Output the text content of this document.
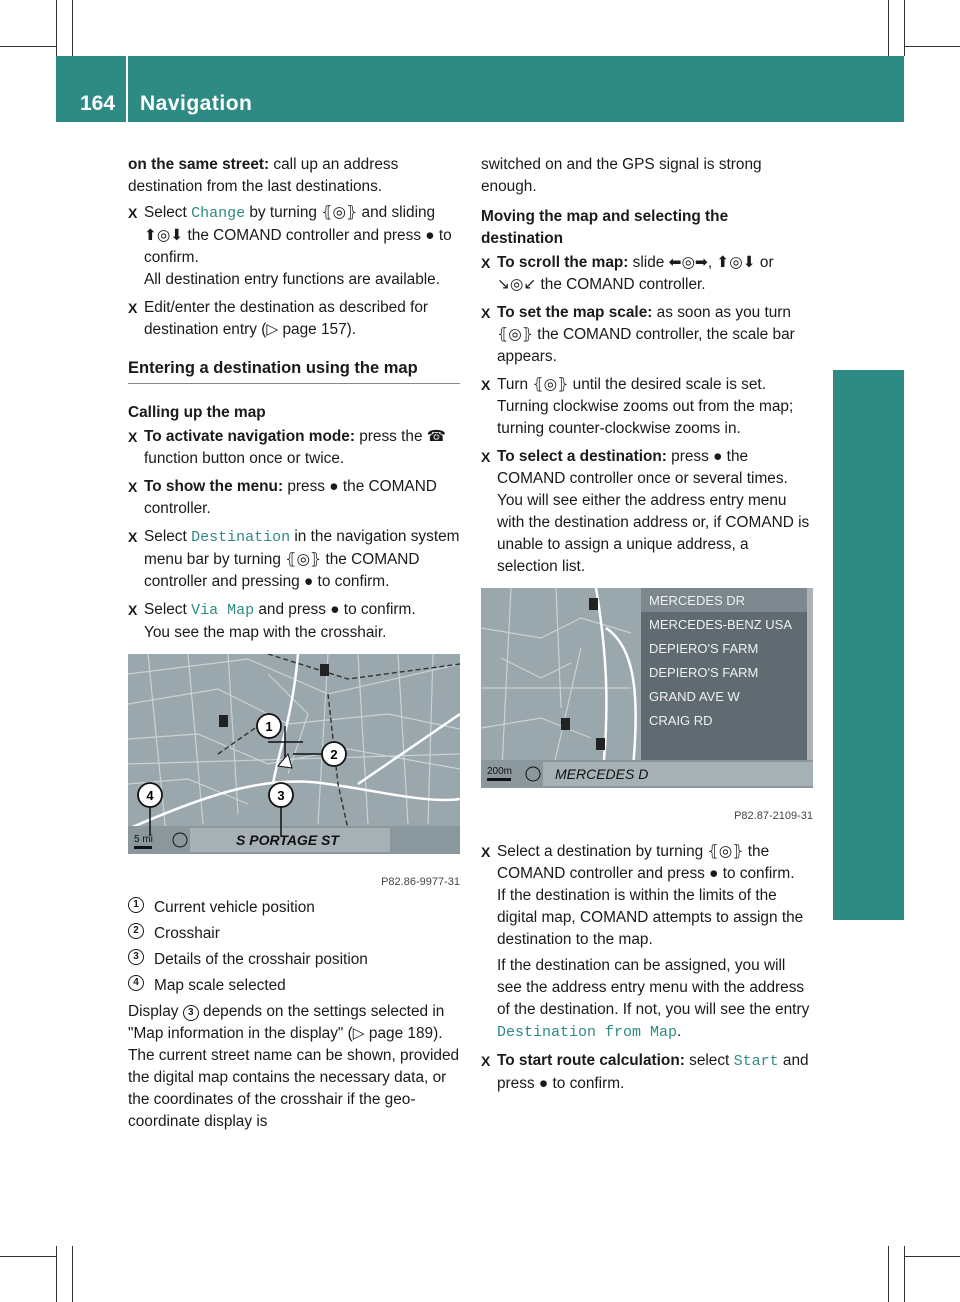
164 Navigation
COMAND
on the same street: call up an address destination from the last destinations.
X Select Change by turning ⦃◎⦄ and sliding ⬆◎⬇ the COMAND controller and press ● to confirm.
All destination entry functions are available.
X Edit/enter the destination as described for destination entry (▷ page 157).
Entering a destination using the map
Calling up the map
X To activate navigation mode: press the ☎ function button once or twice.
X To show the menu: press ● the COMAND controller.
X Select Destination in the navigation system menu bar by turning ⦃◎⦄ the COMAND controller and pressing ● to confirm.
X Select Via Map and press ● to confirm.
You see the map with the crosshair.
5 mi	S PORTAGE ST
1
2
3
4
P82.86-9977-31
1 Current vehicle position
2 Crosshair
3 Details of the crosshair position
4 Map scale selected
Display 3 depends on the settings selected in "Map information in the display" (▷ page 189). The current street name can be shown, provided the digital map contains the necessary data, or the coordinates of the crosshair if the geo-coordinate display is
switched on and the GPS signal is strong enough.
Moving the map and selecting the destination
X To scroll the map: slide ⬅◎➡, ⬆◎⬇ or ↘◎↙ the COMAND controller.
X To set the map scale: as soon as you turn ⦃◎⦄ the COMAND controller, the scale bar appears.
X Turn ⦃◎⦄ until the desired scale is set.
Turning clockwise zooms out from the map; turning counter-clockwise zooms in.
X To select a destination: press ● the COMAND controller once or several times. You will see either the address entry menu with the destination address or, if COMAND is unable to assign a unique address, a selection list.
MERCEDES DR
MERCEDES-BENZ USA
DEPIERO'S FARM
DEPIERO'S FARM
GRAND AVE W
CRAIG RD
200m	MERCEDES D
P82.87-2109-31
X Select a destination by turning ⦃◎⦄ the COMAND controller and press ● to confirm.
If the destination is within the limits of the digital map, COMAND attempts to assign the destination to the map.
If the destination can be assigned, you will see the address entry menu with the address of the destination. If not, you will see the entry Destination from Map.
X To start route calculation: select Start and press ● to confirm.
